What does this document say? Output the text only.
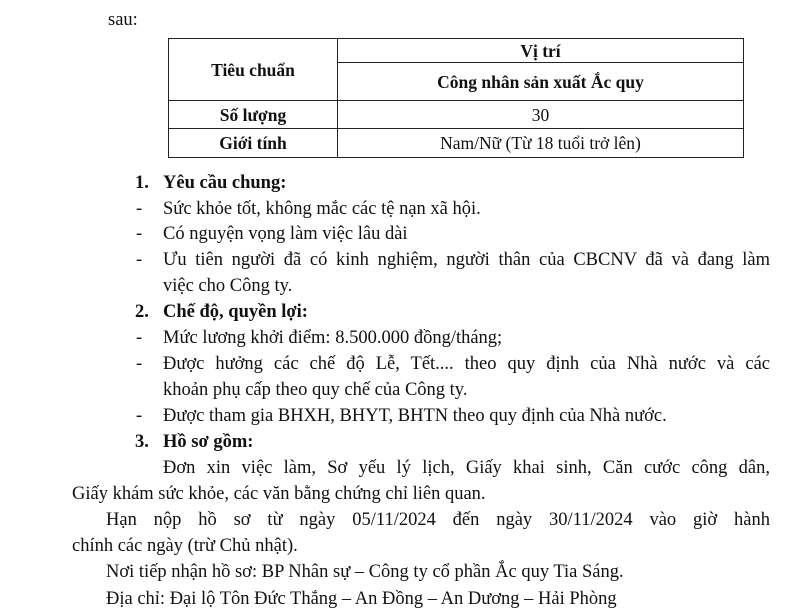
sau:
Tiêu chuẩn	Vị trí
	Công nhân sản xuất Ắc quy
Số lượng	30
Giới tính	Nam/Nữ (Từ 18 tuổi trở lên)
1. Yêu cầu chung:
- Sức khỏe tốt, không mắc các tệ nạn xã hội.
- Có nguyện vọng làm việc lâu dài
- Ưu tiên người đã có kinh nghiệm, người thân của CBCNV đã và đang làm
việc cho Công ty.
2. Chế độ, quyền lợi:
- Mức lương khởi điểm: 8.500.000 đồng/tháng;
- Được hưởng các chế độ Lễ, Tết.... theo quy định của Nhà nước và các
khoản phụ cấp theo quy chế của Công ty.
- Được tham gia BHXH, BHYT, BHTN theo quy định của Nhà nước.
3. Hồ sơ gồm:
Đơn xin việc làm, Sơ yếu lý lịch, Giấy khai sinh, Căn cước công dân,
Giấy khám sức khỏe, các văn bằng chứng chỉ liên quan.
Hạn nộp hồ sơ từ ngày 05/11/2024 đến ngày 30/11/2024 vào giờ hành
chính các ngày (trừ Chủ nhật).
Nơi tiếp nhận hồ sơ: BP Nhân sự – Công ty cổ phần Ắc quy Tia Sáng.
Địa chỉ: Đại lộ Tôn Đức Thắng – An Đồng – An Dương – Hải Phòng
